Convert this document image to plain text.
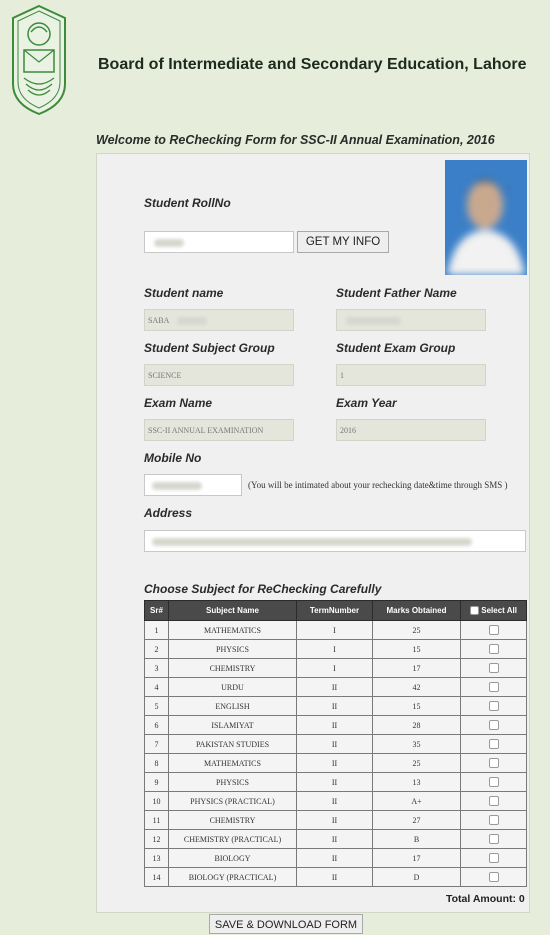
Board of Intermediate and Secondary Education, Lahore
Welcome to ReChecking Form for SSC-II Annual Examination, 2016
Student RollNo
GET MY INFO
Student name
SABA
Student Father Name
Student Subject Group
SCIENCE
Student Exam Group
1
Exam Name
SSC-II ANNUAL EXAMINATION
Exam Year
2016
Mobile No
(You will be intimated about your rechecking date&time through SMS )
Address
Choose Subject for ReChecking Carefully
Sr#	Subject Name	TermNumber	Marks Obtained	Select All
1	MATHEMATICS	I	25	
2	PHYSICS	I	15	
3	CHEMISTRY	I	17	
4	URDU	II	42	
5	ENGLISH	II	15	
6	ISLAMIYAT	II	28	
7	PAKISTAN STUDIES	II	35	
8	MATHEMATICS	II	25	
9	PHYSICS	II	13	
10	PHYSICS (PRACTICAL)	II	A+	
11	CHEMISTRY	II	27	
12	CHEMISTRY (PRACTICAL)	II	B	
13	BIOLOGY	II	17	
14	BIOLOGY (PRACTICAL)	II	D	
Total Amount: 0
SAVE & DOWNLOAD FORM
